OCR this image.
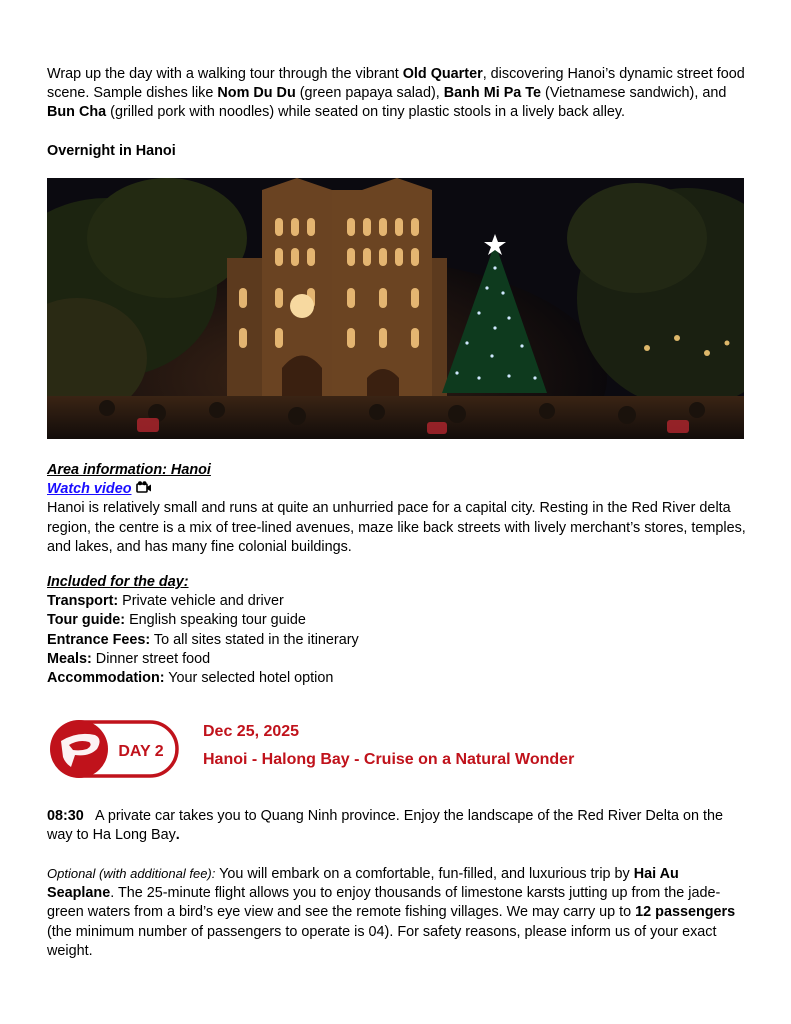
Wrap up the day with a walking tour through the vibrant Old Quarter, discovering Hanoi’s dynamic street food scene. Sample dishes like Nom Du Du (green papaya salad), Banh Mi Pa Te (Vietnamese sandwich), and Bun Cha (grilled pork with noodles) while seated on tiny plastic stools in a lively back alley.

Overnight in Hanoi

Area information: Hanoi

Watch video

Hanoi is relatively small and runs at quite an unhurried pace for a capital city. Resting in the Red River delta region, the centre is a mix of tree-lined avenues, maze like back streets with lively merchant’s stores, temples, and lakes, and has many fine colonial buildings.

Included for the day:

Transport: Private vehicle and driver

Tour guide: English speaking tour guide

Entrance Fees: To all sites stated in the itinerary

Meals: Dinner street food

Accommodation: Your selected hotel option

DAY 2

Dec 25, 2025

Hanoi - Halong Bay - Cruise on a Natural Wonder

08:30   A private car takes you to Quang Ninh province. Enjoy the landscape of the Red River Delta on the way to Ha Long Bay.

Optional (with additional fee): You will embark on a comfortable, fun-filled, and luxurious trip by Hai Au Seaplane. The 25-minute flight allows you to enjoy thousands of limestone karsts jutting up from the jade-green waters from a bird’s eye view and see the remote fishing villages. We may carry up to 12 passengers (the minimum number of passengers to operate is 04). For safety reasons, please inform us of your exact weight.
